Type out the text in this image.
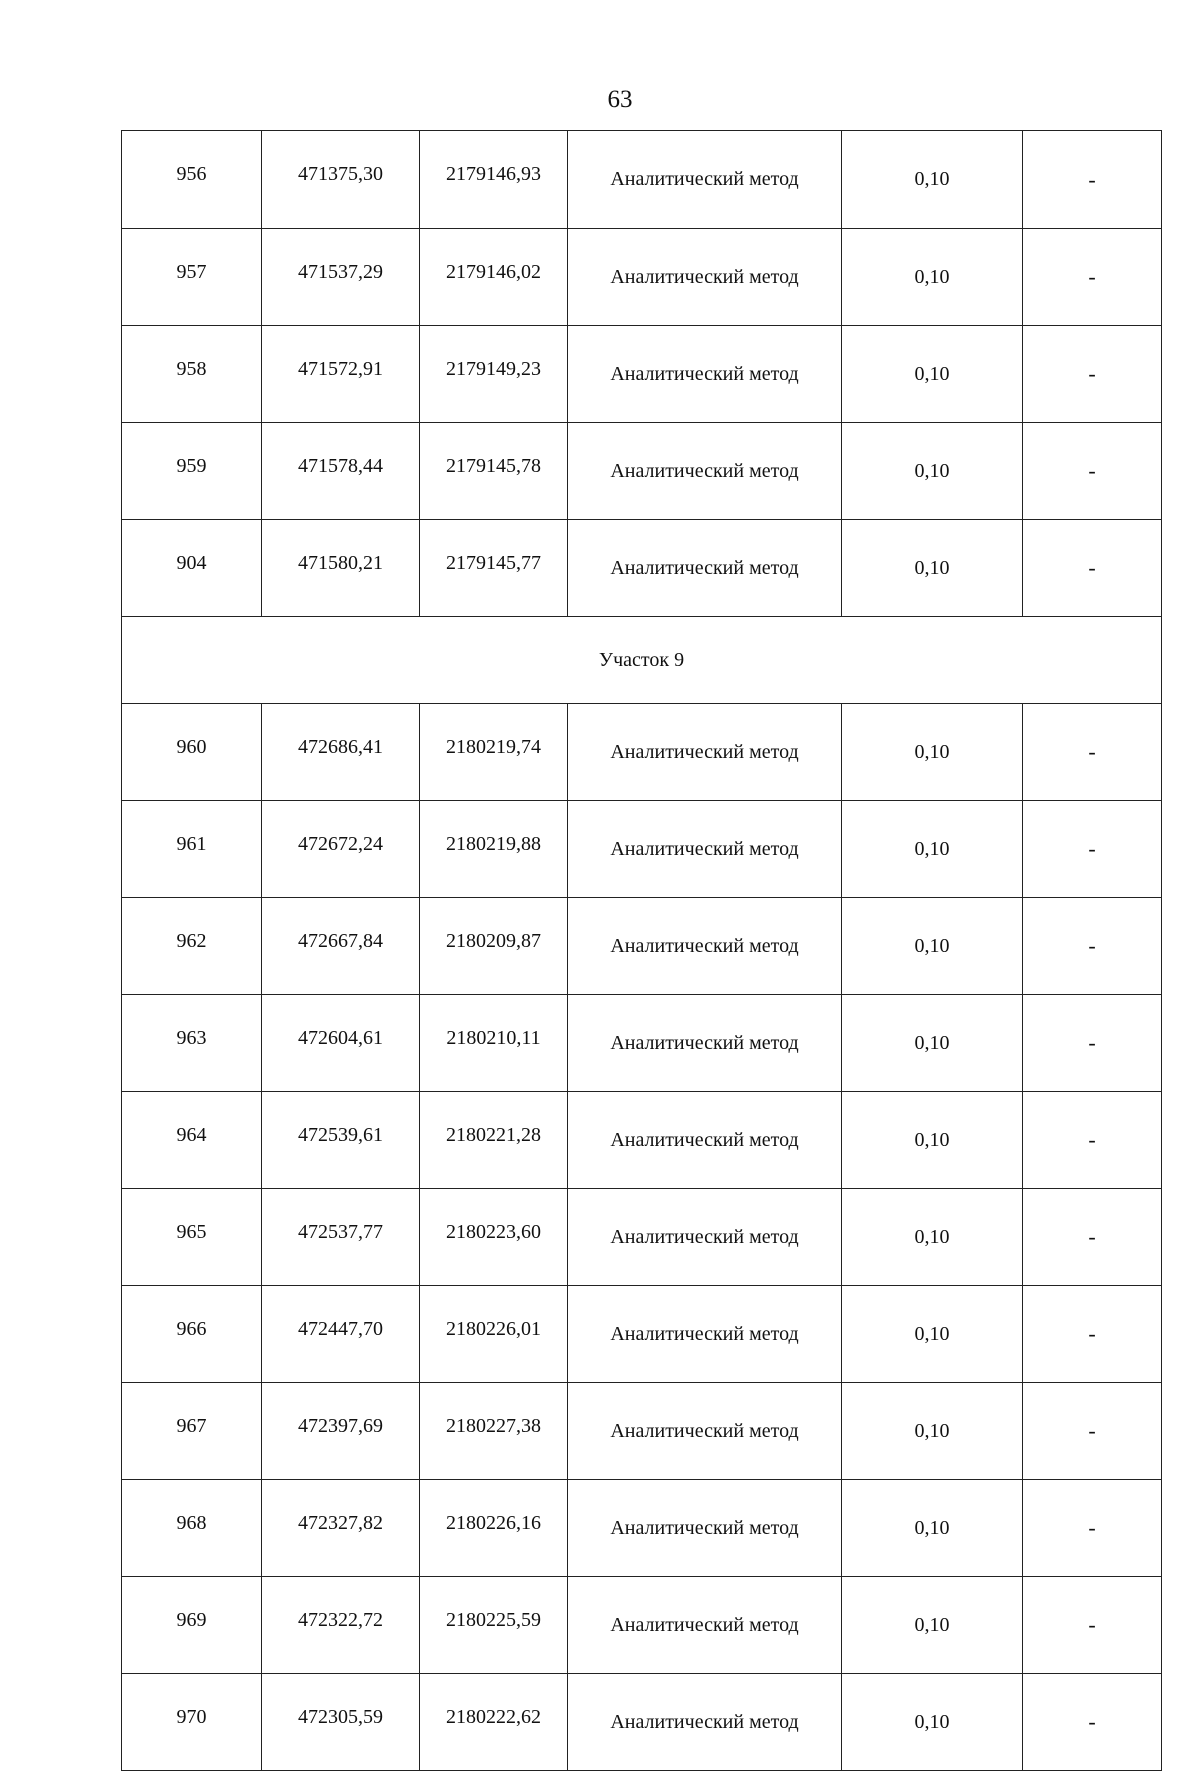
63
956	471375,30	2179146,93	Аналитический метод	0,10	-
957	471537,29	2179146,02	Аналитический метод	0,10	-
958	471572,91	2179149,23	Аналитический метод	0,10	-
959	471578,44	2179145,78	Аналитический метод	0,10	-
904	471580,21	2179145,77	Аналитический метод	0,10	-
Участок 9					
960	472686,41	2180219,74	Аналитический метод	0,10	-
961	472672,24	2180219,88	Аналитический метод	0,10	-
962	472667,84	2180209,87	Аналитический метод	0,10	-
963	472604,61	2180210,11	Аналитический метод	0,10	-
964	472539,61	2180221,28	Аналитический метод	0,10	-
965	472537,77	2180223,60	Аналитический метод	0,10	-
966	472447,70	2180226,01	Аналитический метод	0,10	-
967	472397,69	2180227,38	Аналитический метод	0,10	-
968	472327,82	2180226,16	Аналитический метод	0,10	-
969	472322,72	2180225,59	Аналитический метод	0,10	-
970	472305,59	2180222,62	Аналитический метод	0,10	-
